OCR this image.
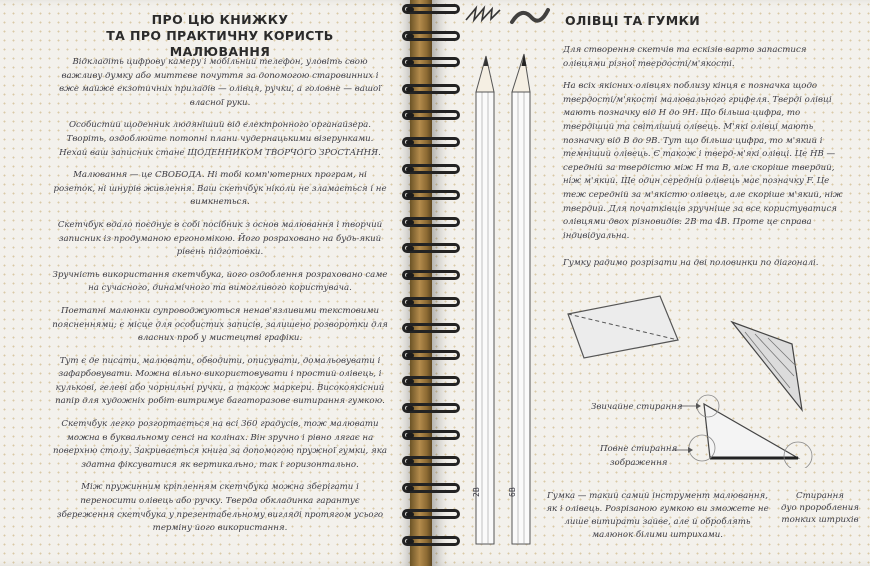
ПРО ЦЮ КНИЖКУ
ТА ПРО ПРАКТИЧНУ КОРИСТЬ МАЛЮВАННЯ

Відкладіть цифрову камеру і мобільний телефон, уловіть свою важливу думку або миттєве почуття за допомогою старовинних і вже майже екзотичних приладів — олівця, ручки, а головне — вашої власної руки.

Особистий щоденник людяніший від електронного органайзера. Творіть, оздоблюйте потопні плани чудернацькими візерунками. Нехай ваш записник стане ЩОДЕННИКОМ ТВОРЧОГО ЗРОСТАННЯ.

Малювання — це СВОБОДА. Ні тобі комп'ютерних програм, ні розеток, ні шнурів живлення. Ваш скетчбук ніколи не зламається і не вимкнеться.

Скетчбук вдало поєднує в собі посібник з основ малювання і творчий записник із продуманою ергономікою. Його розраховано на будь-який рівень підготовки.

Зручність використання скетчбука, його оздоблення розраховано саме на сучасного, динамічного та вимогливого користувача.

Поетапні малюнки супроводжуються ненав'язливими текстовими поясненнями; є місце для особистих записів, залишено розворотки для власних проб у мистецтві графіки.

Тут є де писати, малювати, обводити, описувати, домальовувати і зафарбовувати. Можна вільно використовувати і простий олівець, і кулькові, гелеві або чорнильні ручки, а також маркери. Високоякісний папір для художніх робіт витримує багаторазове витирання гумкою.

Скетчбук легко розгортається на всі 360 градусів, тож малювати можна в буквальному сенсі на колінах. Він зручно і рівно лягає на поверхню столу. Закривається книга за допомогою пружної гумки, яка здатна фіксуватися як вертикально, так і горизонтально.

Між пружинним кріпленням скетчбука можна зберігати і переносити олівець або ручку. Тверда обкладинка гарантує збереження скетчбука у презентабельному вигляді протягом усього терміну його використання.

ОЛІВЦІ ТА ГУМКИ
2B	6B

Для створення скетчів та ескізів варто запастися олівцями різної твердості/м'якості.

На всіх якісних олівцях поблизу кінця є позначка щодо твердості/м'якості малювального грифеля. Тверді олівці мають позначку від H до 9H. Що більша цифра, то твердіший та світліший олівець. М'які олівці мають позначку від B до 9B. Тут що більша цифра, то м'який і темніший олівець. Є також і тверд-м'які олівці. Це HB — середній за твердістю між H та B, але скоріше твердий, ніж м'який. Ще один середній олівець має позначку F. Це теж середній за м'якістю олівець, але скоріше м'який, ніж твердий. Для початківців зручніше за все користуватися олівцями двох різновидів: 2B та 4B. Проте це справа індивідуальна.

Гумку радимо розрізати на дві половинки по діагоналі.

Звичайне стирання
Повне стирання
зображення
Стирання
дуо проробления
тонких штрихів
Гумка — такий самий інструмент малювання, як і олівець. Розрізаною гумкою ви зможете не лише витирати зайве, але й оброблять малюнок білими штрихами.
